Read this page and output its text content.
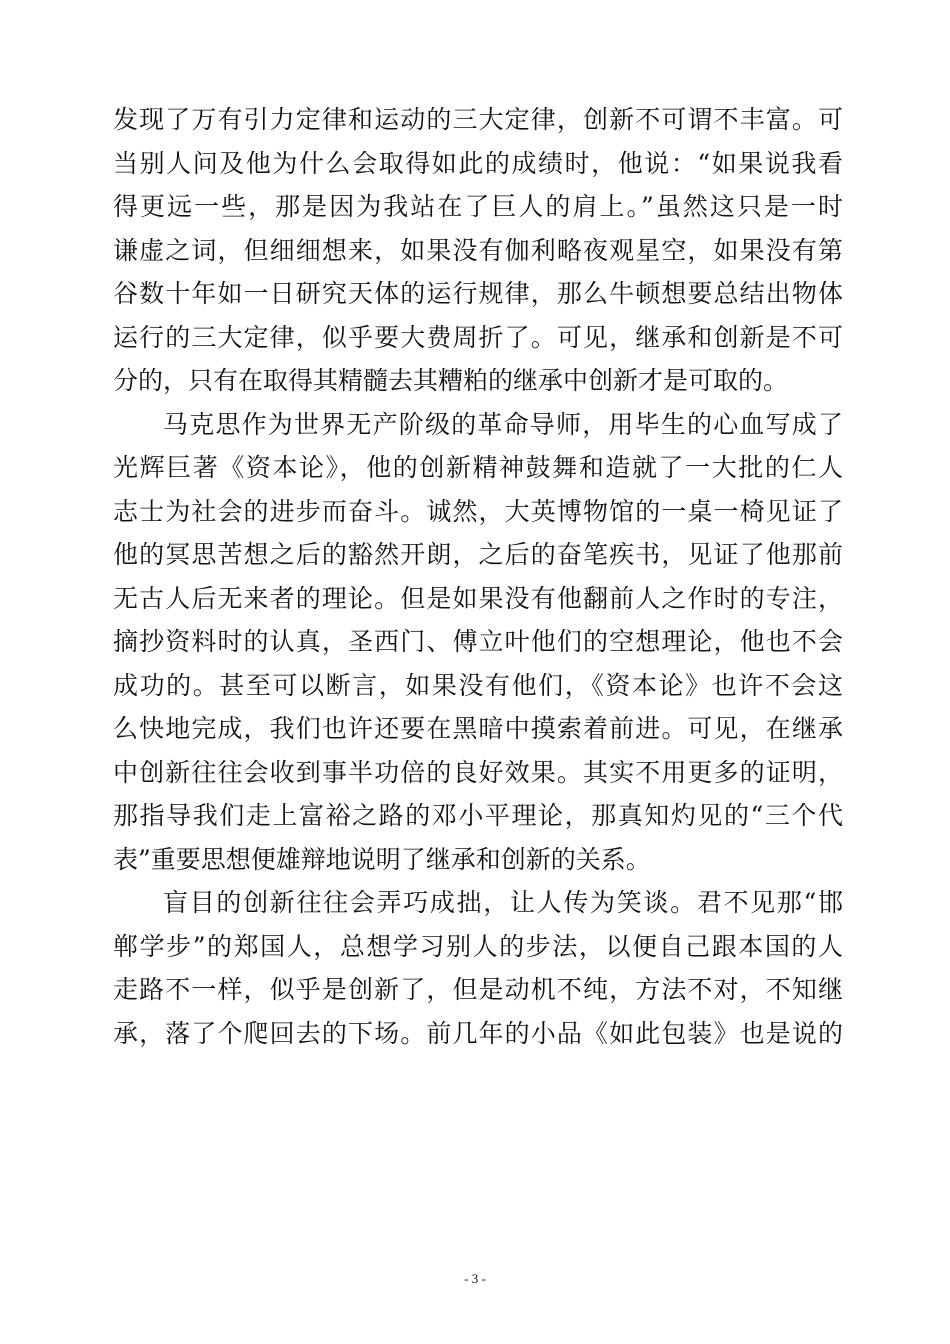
发现了万有引力定律和运动的三大定律，创新不可谓不丰富。可
当别人问及他为什么会取得如此的成绩时，他说：“如果说我看
得更远一些，那是因为我站在了巨人的肩上。”虽然这只是一时
谦虚之词，但细细想来，如果没有伽利略夜观星空，如果没有第
谷数十年如一日研究天体的运行规律，那么牛顿想要总结出物体
运行的三大定律，似乎要大费周折了。可见，继承和创新是不可
分的，只有在取得其精髓去其糟粕的继承中创新才是可取的。
马克思作为世界无产阶级的革命导师，用毕生的心血写成了
光辉巨著《资本论》，他的创新精神鼓舞和造就了一大批的仁人
志士为社会的进步而奋斗。诚然，大英博物馆的一桌一椅见证了
他的冥思苦想之后的豁然开朗，之后的奋笔疾书，见证了他那前
无古人后无来者的理论。但是如果没有他翻前人之作时的专注，
摘抄资料时的认真，圣西门、傅立叶他们的空想理论，他也不会
成功的。甚至可以断言，如果没有他们，《资本论》也许不会这
么快地完成，我们也许还要在黑暗中摸索着前进。可见，在继承
中创新往往会收到事半功倍的良好效果。其实不用更多的证明，
那指导我们走上富裕之路的邓小平理论，那真知灼见的“三个代
表”重要思想便雄辩地说明了继承和创新的关系。
盲目的创新往往会弄巧成拙，让人传为笑谈。君不见那“邯
郸学步”的郑国人，总想学习别人的步法，以便自己跟本国的人
走路不一样，似乎是创新了，但是动机不纯，方法不对，不知继
承，落了个爬回去的下场。前几年的小品《如此包装》也是说的
- 3 -
